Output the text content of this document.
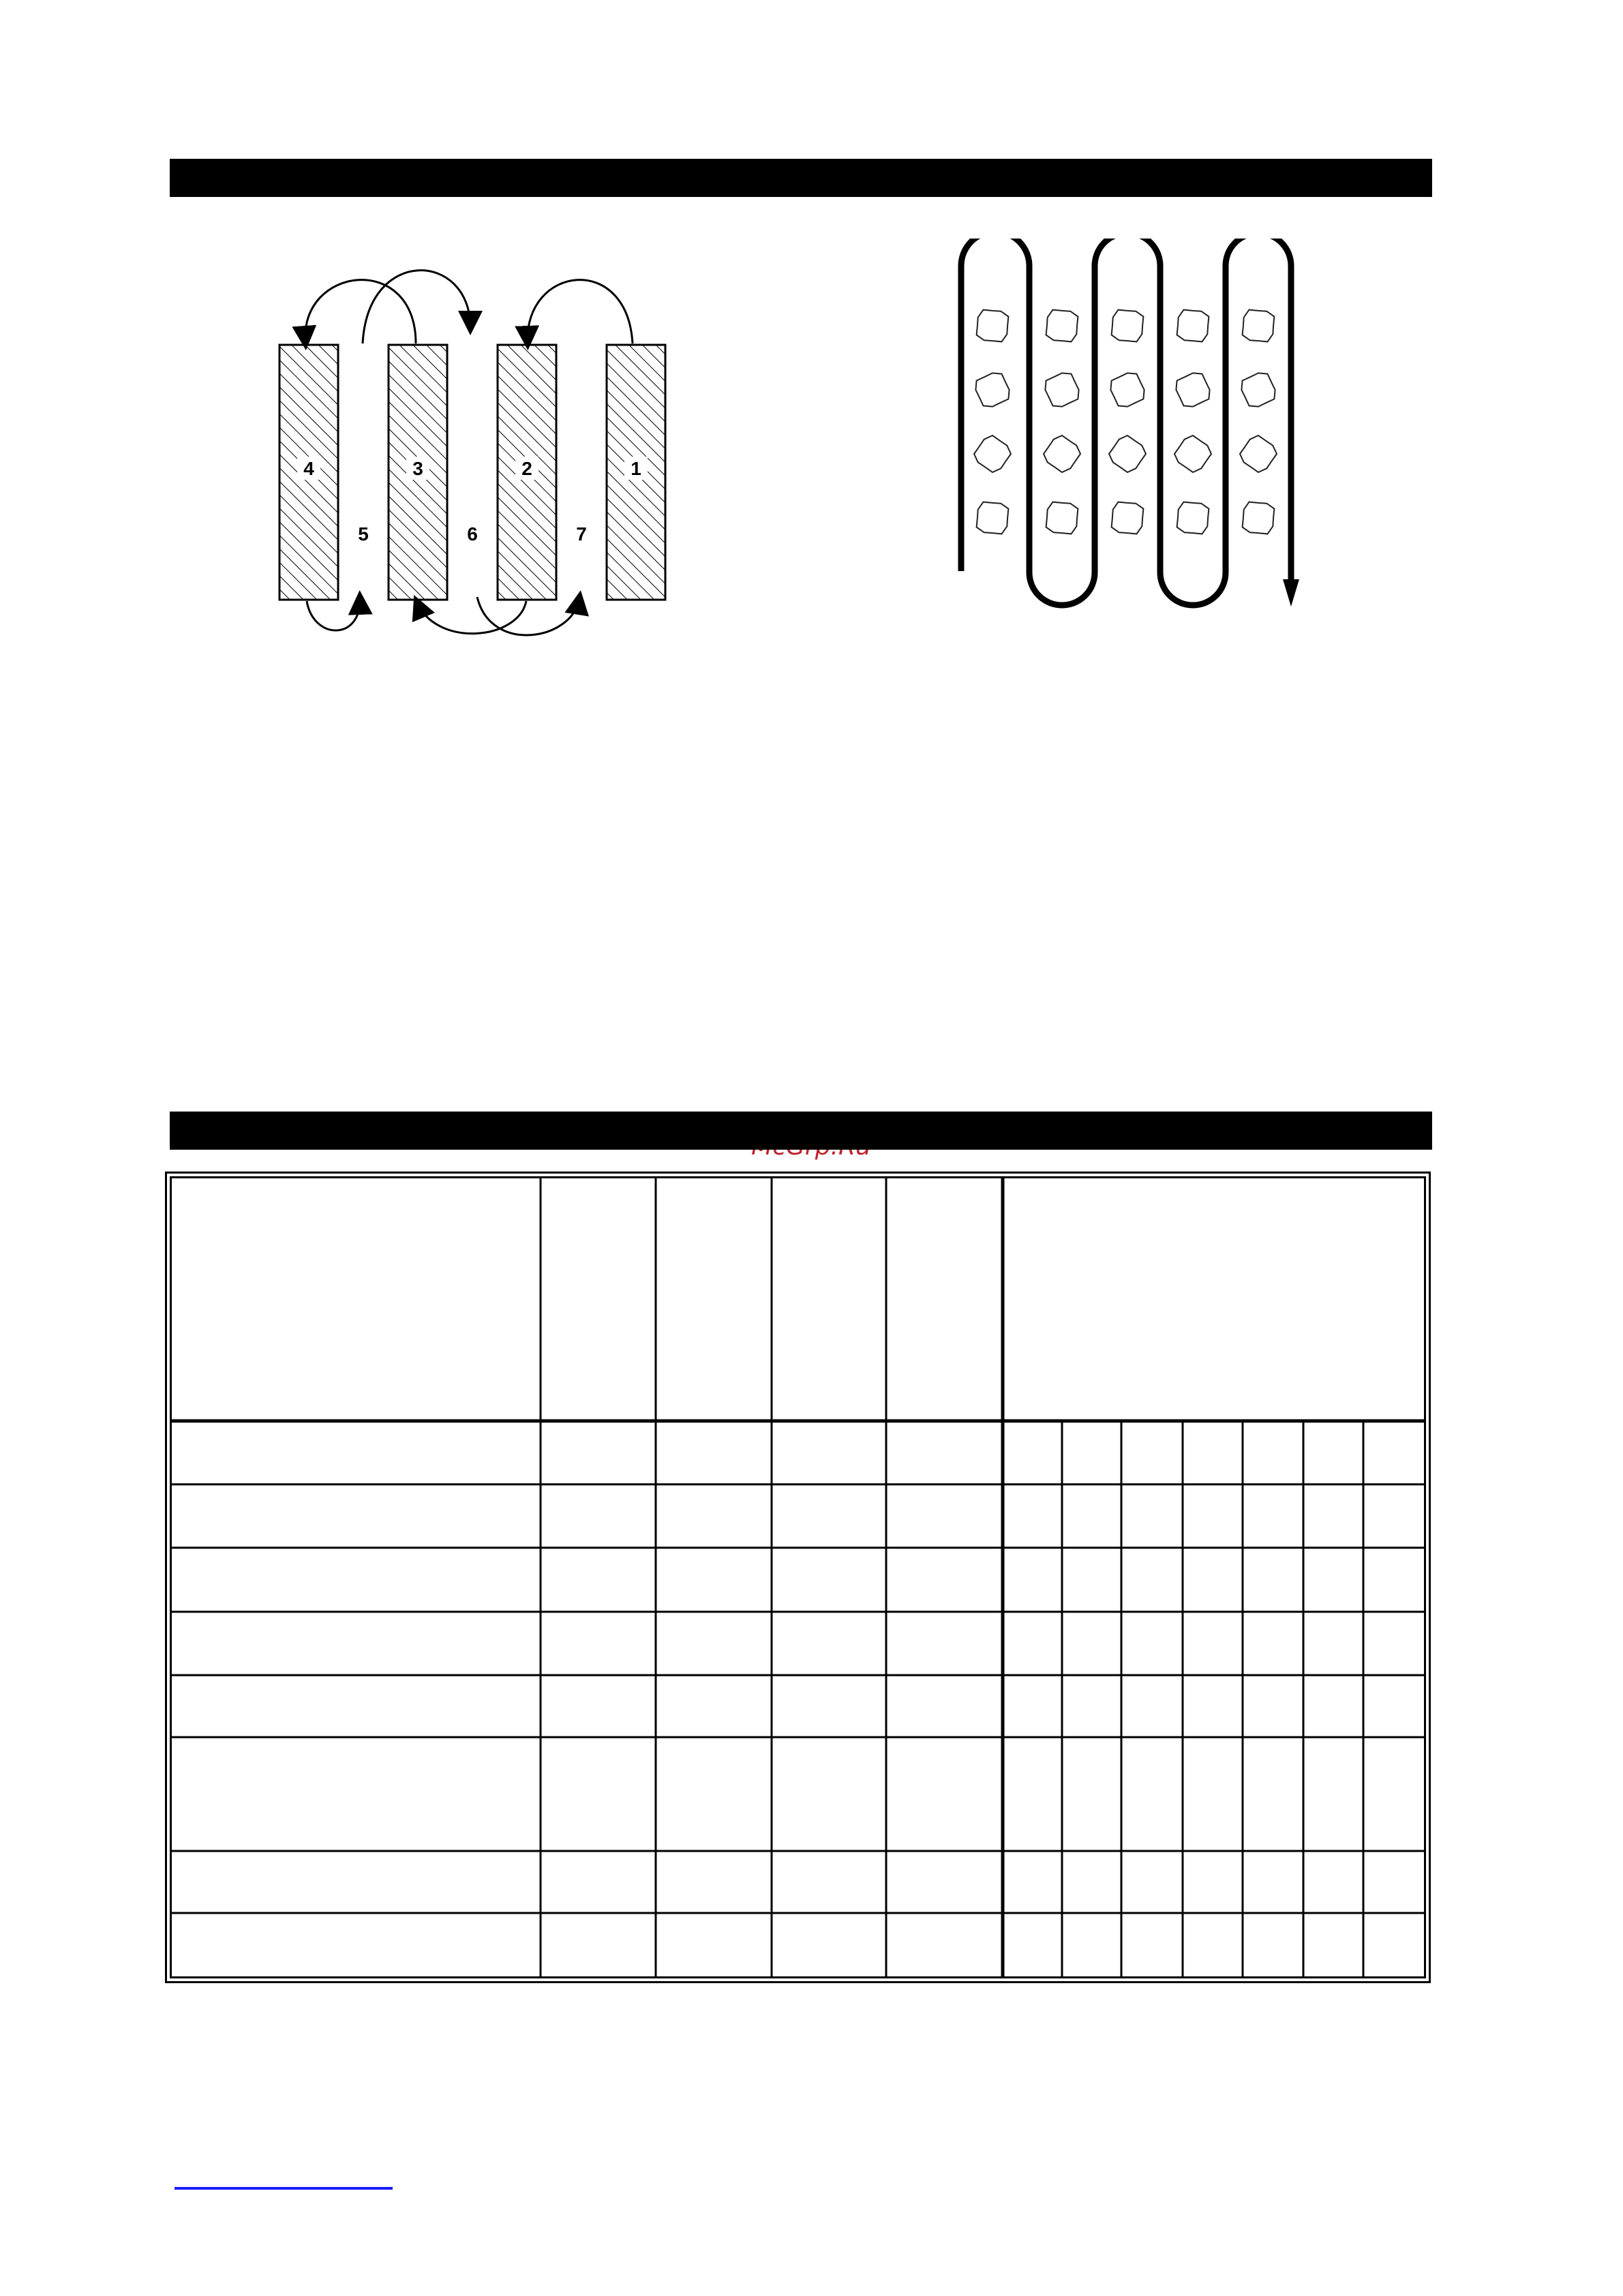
4	3	2	1
5	6	7
